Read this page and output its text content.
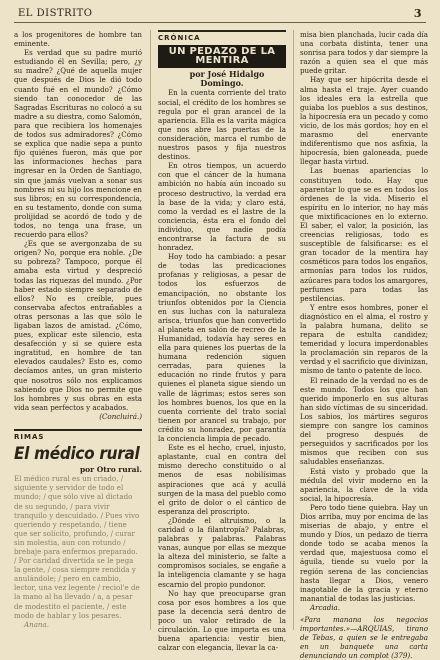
EL DISTRITO	3

a los progenitores de hombre tan eminente.

Es verdad que su padre murió estudiando él en Sevilla; pero, ¿y su madre? ¿Qué de aquella mujer que después de Dios le dió todo cuanto fué en el mundo? ¿Cómo siendo tan conocedor de las Sagradas Escrituras no colocó a su madre a su diestra, como Salomón, para que recibiera los homenajes de todos sus admiradores? ¿Cómo se explica que nadie sepa a punto fijo quiénes fueron, más que por las informaciones hechas para ingresar en la Orden de Santiago, sin que jamás vuelvan a sonar sus nombres ni su hijo los mencione en sus libros; en su correspondencia, en su testamento, donde con suma prolijidad se acordó de todo y de todos, no tenga una frase, un recuerdo para ellos?

¿Es que se avergonzaba de su origen? No, porque era noble. ¿De su pobreza? Tampoco, porque él amaba esta virtud y despreció todas las riquezas del mundo. ¿Por haber estado siempre separado de ellos? No es creíble, pues conservaba afectos entrañables a otras personas a las que sólo le ligaban lazos de amistad. ¿Cómo, pues, explicar este silencio, esta desafección y si se quiere esta ingratitud, en hombre de tan elevados caudales? Esto es, como decíamos antes, un gran misterio que nosotros sólo nos explicamos sabiendo que Dios no permite que los hombres y sus obras en esta vida sean perfectos y acabados.

(Concluirá.)

RIMAS
El médico rural

por Otro rural.

El médico rural es un criado, / siguiente y servidor de todo el mundo; / que sólo vive al dictado de su segundo, / para vivir tranquilo y descuidado. / Pues vivo queriendo y respetando, / tiene que ser solícito, profundo, / curar sin molestia, aun con rotundo / brebaje para enfermos preparado. / Por caridad divertida se le pega la gente, / cosa siempre rendida y anulándole; / pero en cambio, lector, una vez legente / reciol'e de la mano al ha llevado / a, a pesar de modestito el paciente, / este modo de hablar y los pesares.

Anana.

CRÓNICA
UN PEDAZO DE LA MENTIRA

por José Hidalgo Domingo.

En la cuenta corriente del trato social, el crédito de los hombres se regula por el gran arancel de la apariencia. Ella es la varita mágica que nos abre las puertas de la consideración, marca el rumbo de nuestros pasos y fija nuestros destinos.

En otros tiempos, un acuerdo con que el cáncer de la humana ambición no había aún incoado su proceso destructivo, la verdad era la base de la vida; y claro está, como la verdad es el lastre de la conciencia, ésta era el fondo del individuo, que nadie podía encontrarse la factura de su honradez.

Hoy todo ha cambiado: a pesar de todas las predicaciones profanas y religiosas, a pesar de todos los esfuerzos de emancipación, no obstante los triunfos obtenidos por la Ciencia en sus luchas con la naturaleza arisca, triunfos que han convertido al planeta en salón de recreo de la Humanidad, todavía hay seres en ella para quienes los puertas de la humana redención siguen cerradas, para quienes la educación no rinde frutos y para quienes el planeta sigue siendo un valle de lágrimas; estos seres son los hombres buenos, los que en la cuenta corriente del trato social tienen por arancel su trabajo, por crédito su honradez, por garantía la conciencia limpia de pecado.

Este es el hecho, cruel, injusto, aplastante, cual en contra del mismo derecho constituído o al menos de esas nobilísimas aspiraciones que acá y acullá surgen de la masa del pueblo como el grito de dolor o el cántico de esperanza del proscripto.

¿Dónde el altruismo, o la caridad o la filantropía? Palabras, palabras y palabras. Palabras vanas, aunque por ellas se mezque la alteza del ministerio, se falte a compromisos sociales, se engañe a la inteligencia clamante y se haga escarnio del propio pundonor.

No hay que preocuparse gran cosa por esos hombres a los que pase la decencia será dentro de poco un valor retirado de la circulación. Lo que importa es una buena apariencia: vestir bien, calzar con elegancia, llevar la ca-

misa bien planchada, lucir cada día una corbata distinta, tener una sonrisa para todos y dar siempre la razón a quien sea el que más puede gritar.

Hay que ser hipócrita desde el alma hasta el traje. Ayer cuando los ideales era la estrella que guiaba los pueblos a sus destinos, la hipocresía era un pecado y como vicio, de los más gordos; hoy en el marasmo del enervante indiferentismo que nos asfixia, la hipocresía, bien galoneada, puede llegar hasta virtud.

Las buenas apariencias lo constituyen todo. Hay que aparentar lo que se es en todos los órdenes de la vida. Miserio el espíritu en lo interior, no hay más que mixtificaciones en lo externo. El saber, el valor, la posición, las creencias religiosas, todo es susceptible de falsificarse: es el gran tocador de la mentira hay cosméticos para todos los engaños, armonías para todos los ruidos, azúcares para todos los amargores, perfumes para todas las pestilencias.

Y entre esos hombres, poner el diagnóstico en el alma, el rostro y la palabra humana, delito se repara de estulta candidez; temeridad y locura imperdonables la proclamación sin reparos de la verdad y el sacrificio que divinizan, mismo de tanto o patente de loco.

El reinado de la verdad no es de este mundo. Todos los que han querido imponerlo en sus alturas han sido víctimas de su sinceridad. Los sabios, los mártires seguros siempre con sangre los caminos del progreso después de perseguidos y sacrificados por los mismos que reciben con sus saludables enseñanzas.

Está visto y probado que la médula del vivir moderno en la apariencia, la clave de la vida social, la hipocresía.

Pero todo tiene quiebra. Hay un Dios arriba, muy por encima de las miserias de abajo, y entre el mundo y Dios, un pedazo de tierra donde todo se acaba menos la verdad que, majestuosa como el águila, tiende su vuelo por la región serena de las conciencias hasta llegar a Dios, venero inagotable de la gracia y eterno manantial de todas las justicias.

Arcadia.

«Para manana los negocios importantes.»—ARQUIAS, tirano de Tebas, a quien se le entregaba en un banquete una carta denunciando un complot (379).
